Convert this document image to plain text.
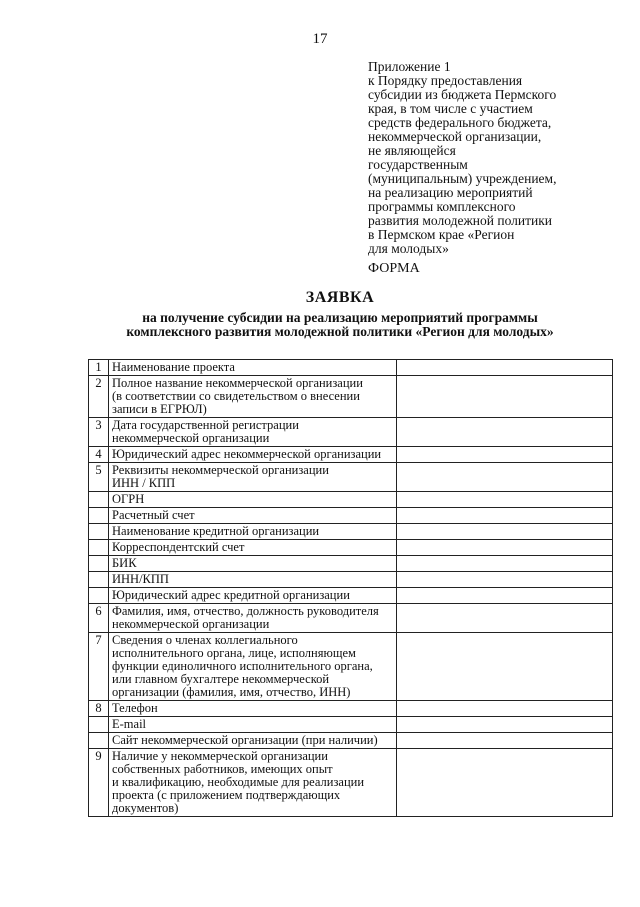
17
Приложение 1
к Порядку предоставления
субсидии из бюджета Пермского
края, в том числе с участием
средств федерального бюджета,
некоммерческой организации,
не являющейся
государственным
(муниципальным) учреждением,
на реализацию мероприятий
программы комплексного
развития молодежной политики
в Пермском крае «Регион
для молодых»
ФОРМА
ЗАЯВКА
на получение субсидии на реализацию мероприятий программы
комплексного развития молодежной политики «Регион для молодых»
1	Наименование проекта	

2	Полное название некоммерческой организации
(в соответствии со свидетельством о внесении
записи в ЕГРЮЛ)	

3	Дата государственной регистрации
некоммерческой организации	

4	Юридический адрес некоммерческой организации	

5	Реквизиты некоммерческой организации
ИНН / КПП	

	ОГРН	

	Расчетный счет	

	Наименование кредитной организации	

	Корреспондентский счет	

	БИК	

	ИНН/КПП	

	Юридический адрес кредитной организации	

6	Фамилия, имя, отчество, должность руководителя
некоммерческой организации	

7	Сведения о членах коллегиального
исполнительного органа, лице, исполняющем
функции единоличного исполнительного органа,
или главном бухгалтере некоммерческой
организации (фамилия, имя, отчество, ИНН)	

8	Телефон	

	E-mail	

	Сайт некоммерческой организации (при наличии)	

9	Наличие у некоммерческой организации
собственных работников, имеющих опыт
и квалификацию, необходимые для реализации
проекта (с приложением подтверждающих
документов)	
